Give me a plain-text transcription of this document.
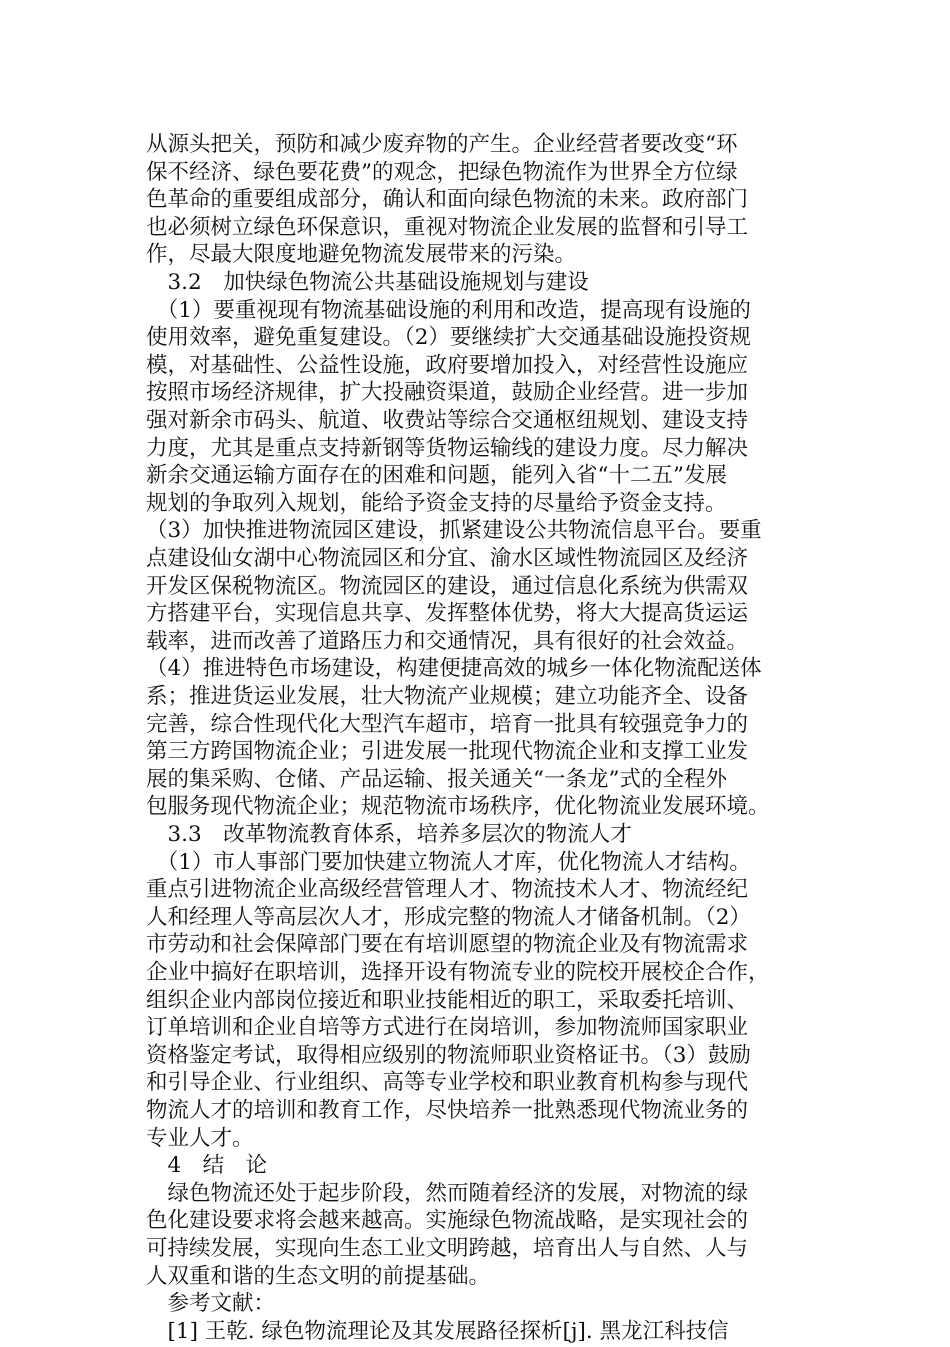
从源头把关，预防和减少废弃物的产生。企业经营者要改变“环
保不经济、绿色要花费”的观念，把绿色物流作为世界全方位绿
色革命的重要组成部分，确认和面向绿色物流的未来。政府部门
也必须树立绿色环保意识，重视对物流企业发展的监督和引导工
作，尽最大限度地避免物流发展带来的污染。
　3.2　加快绿色物流公共基础设施规划与建设
　（1）要重视现有物流基础设施的利用和改造，提高现有设施的
使用效率，避免重复建设。（2）要继续扩大交通基础设施投资规
模，对基础性、公益性设施，政府要增加投入，对经营性设施应
按照市场经济规律，扩大投融资渠道，鼓励企业经营。进一步加
强对新余市码头、航道、收费站等综合交通枢纽规划、建设支持
力度，尤其是重点支持新钢等货物运输线的建设力度。尽力解决
新余交通运输方面存在的困难和问题，能列入省“十二五”发展
规划的争取列入规划，能给予资金支持的尽量给予资金支持。
（3）加快推进物流园区建设，抓紧建设公共物流信息平台。要重
点建设仙女湖中心物流园区和分宜、渝水区域性物流园区及经济
开发区保税物流区。物流园区的建设，通过信息化系统为供需双
方搭建平台，实现信息共享、发挥整体优势，将大大提高货运运
载率，进而改善了道路压力和交通情况，具有很好的社会效益。
（4）推进特色市场建设，构建便捷高效的城乡一体化物流配送体
系；推进货运业发展，壮大物流产业规模；建立功能齐全、设备
完善，综合性现代化大型汽车超市，培育一批具有较强竞争力的
第三方跨国物流企业；引进发展一批现代物流企业和支撑工业发
展的集采购、仓储、产品运输、报关通关“一条龙”式的全程外
包服务现代物流企业；规范物流市场秩序，优化物流业发展环境。
　3.3　改革物流教育体系，培养多层次的物流人才
　（1）市人事部门要加快建立物流人才库，优化物流人才结构。
重点引进物流企业高级经营管理人才、物流技术人才、物流经纪
人和经理人等高层次人才，形成完整的物流人才储备机制。（2）
市劳动和社会保障部门要在有培训愿望的物流企业及有物流需求
企业中搞好在职培训，选择开设有物流专业的院校开展校企合作，
组织企业内部岗位接近和职业技能相近的职工，采取委托培训、
订单培训和企业自培等方式进行在岗培训，参加物流师国家职业
资格鉴定考试，取得相应级别的物流师职业资格证书。（3）鼓励
和引导企业、行业组织、高等专业学校和职业教育机构参与现代
物流人才的培训和教育工作，尽快培养一批熟悉现代物流业务的
专业人才。
　4　结　论
　绿色物流还处于起步阶段，然而随着经济的发展，对物流的绿
色化建设要求将会越来越高。实施绿色物流战略，是实现社会的
可持续发展，实现向生态工业文明跨越，培育出人与自然、人与
人双重和谐的生态文明的前提基础。
　参考文献：
　[1] 王乾. 绿色物流理论及其发展路径探析[j]. 黑龙江科技信
